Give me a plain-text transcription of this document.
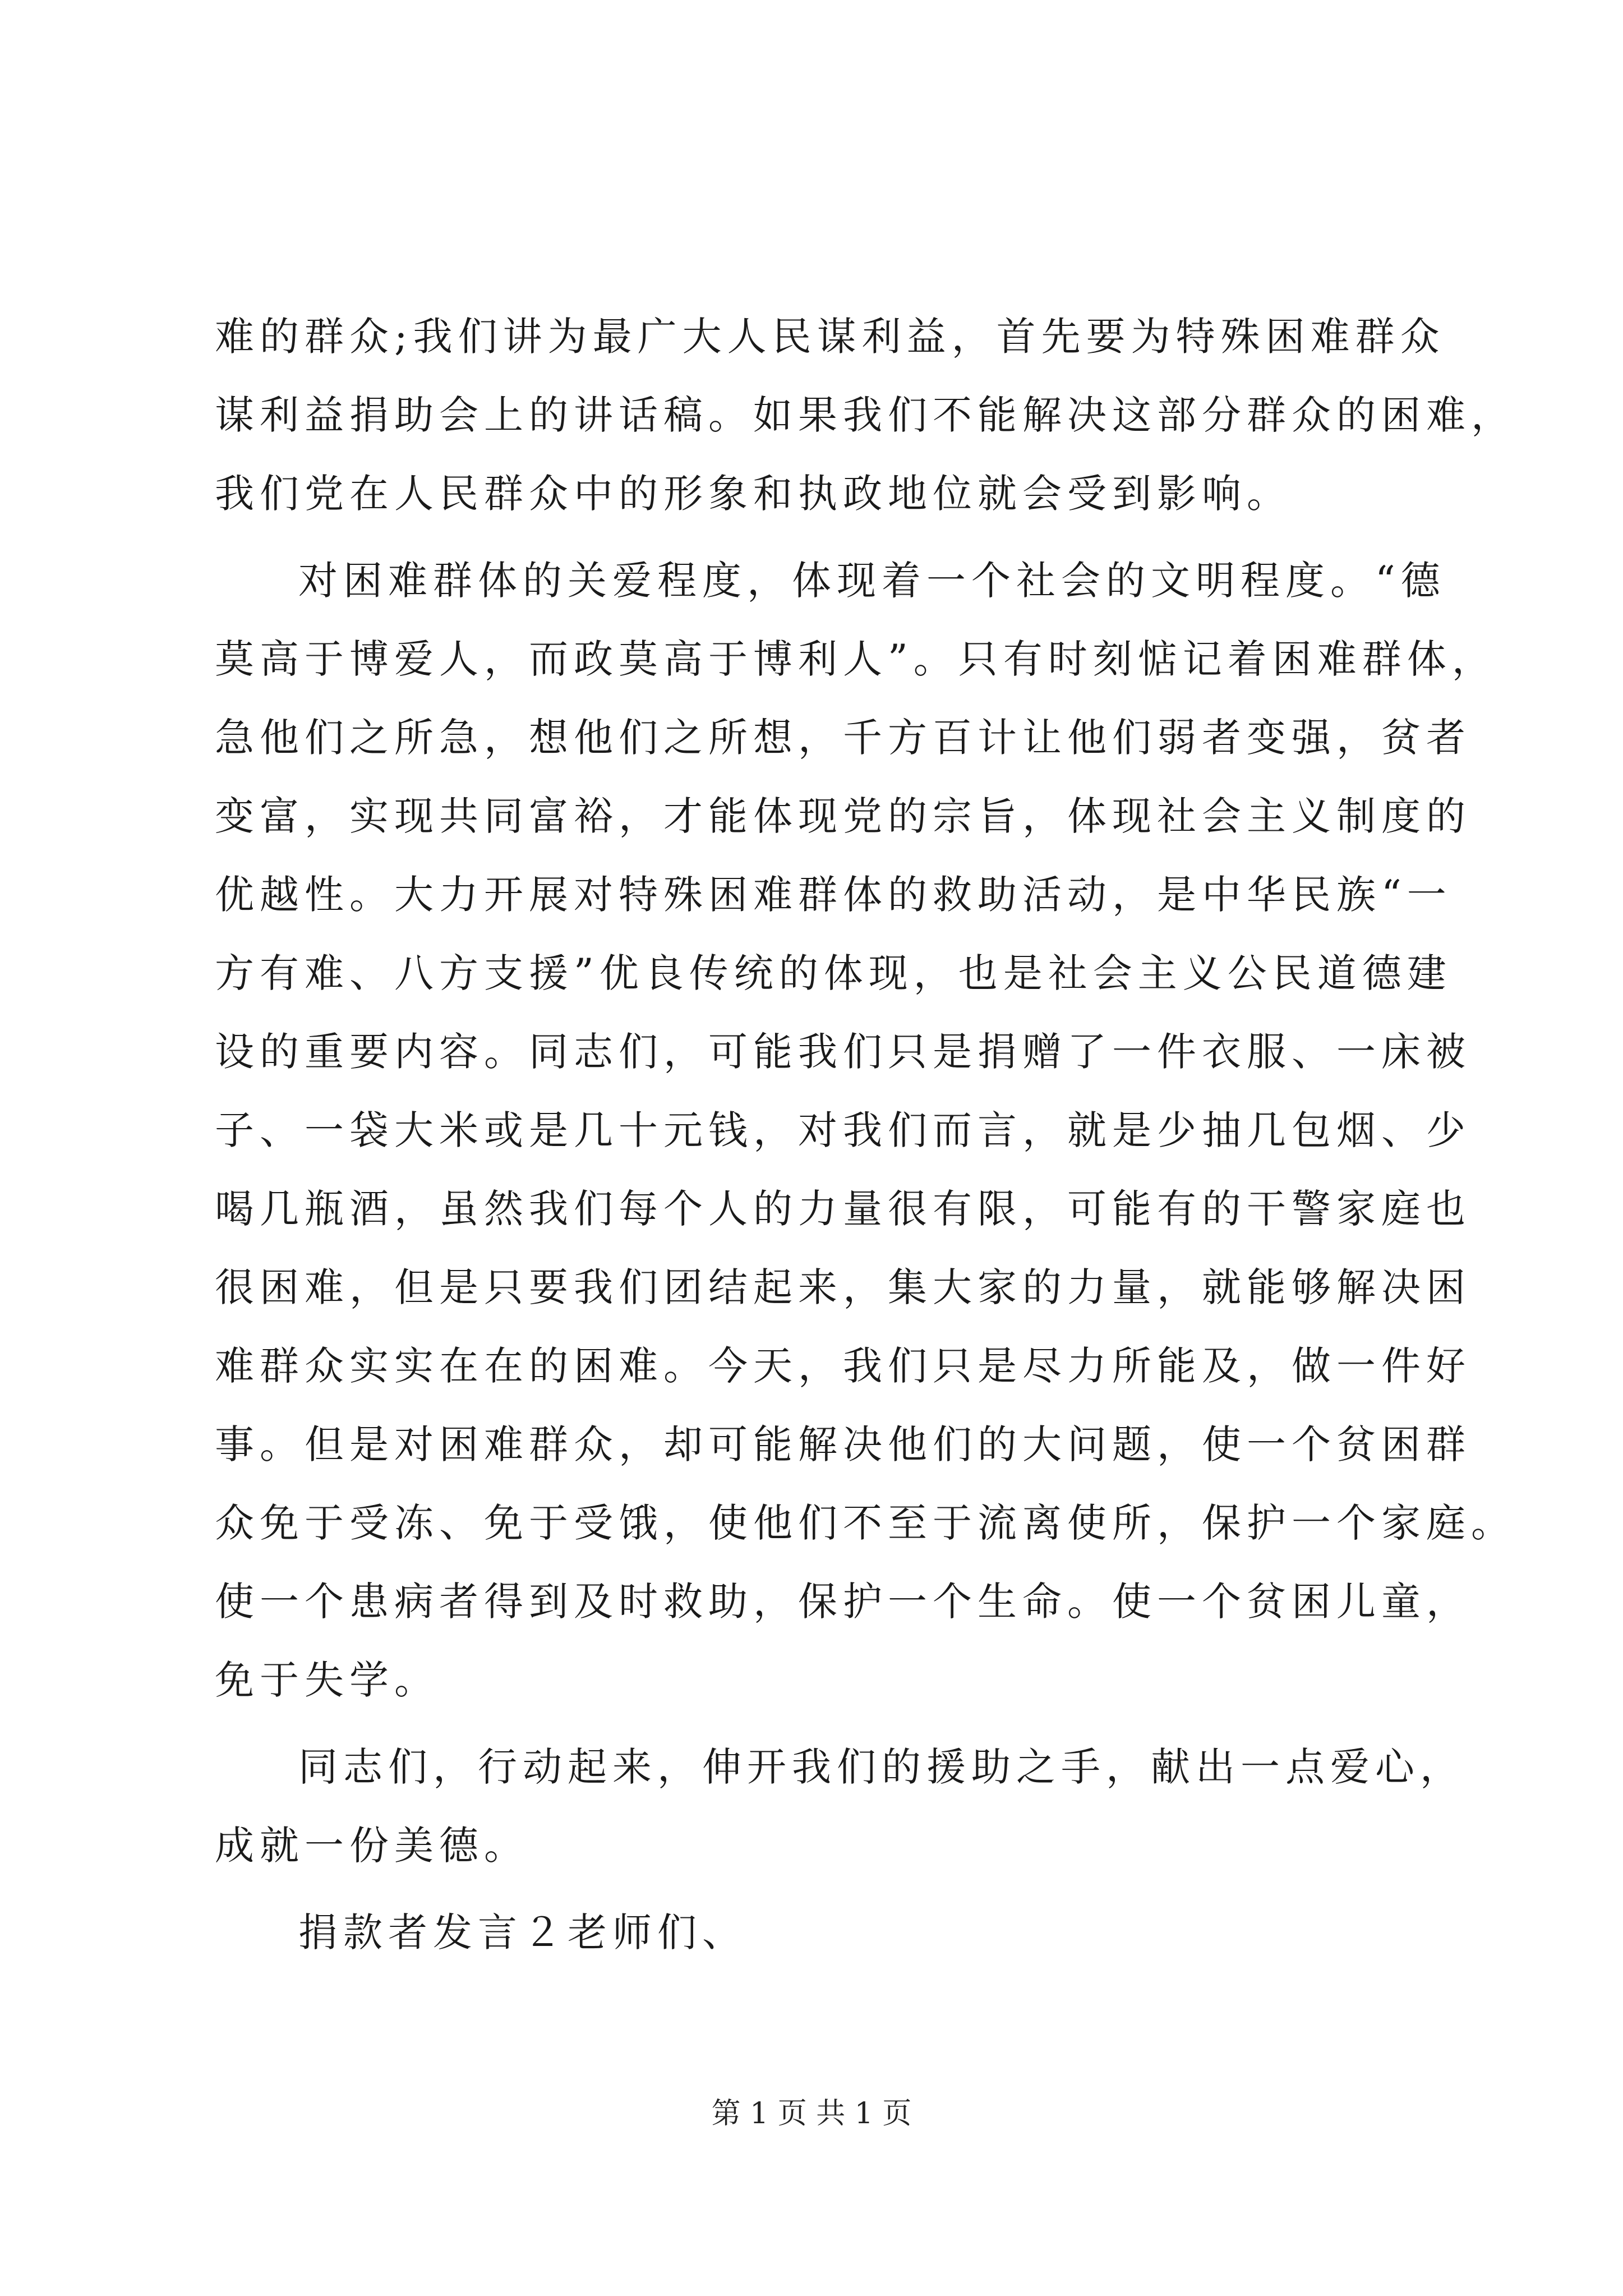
难的群众;我们讲为最广大人民谋利益，首先要为特殊困难群众
谋利益捐助会上的讲话稿。如果我们不能解决这部分群众的困难，
我们党在人民群众中的形象和执政地位就会受到影响。
对困难群体的关爱程度，体现着一个社会的文明程度。“德
莫高于博爱人，而政莫高于博利人”。只有时刻惦记着困难群体，
急他们之所急，想他们之所想，千方百计让他们弱者变强，贫者
变富，实现共同富裕，才能体现党的宗旨，体现社会主义制度的
优越性。大力开展对特殊困难群体的救助活动，是中华民族“一
方有难、八方支援”优良传统的体现，也是社会主义公民道德建
设的重要内容。同志们，可能我们只是捐赠了一件衣服、一床被
子、一袋大米或是几十元钱，对我们而言，就是少抽几包烟、少
喝几瓶酒，虽然我们每个人的力量很有限，可能有的干警家庭也
很困难，但是只要我们团结起来，集大家的力量，就能够解决困
难群众实实在在的困难。今天，我们只是尽力所能及，做一件好
事。但是对困难群众，却可能解决他们的大问题，使一个贫困群
众免于受冻、免于受饿，使他们不至于流离使所，保护一个家庭。
使一个患病者得到及时救助，保护一个生命。使一个贫困儿童，
免于失学。
同志们，行动起来，伸开我们的援助之手，献出一点爱心，
成就一份美德。
捐款者发言２老师们、
第 1 页 共 1 页
